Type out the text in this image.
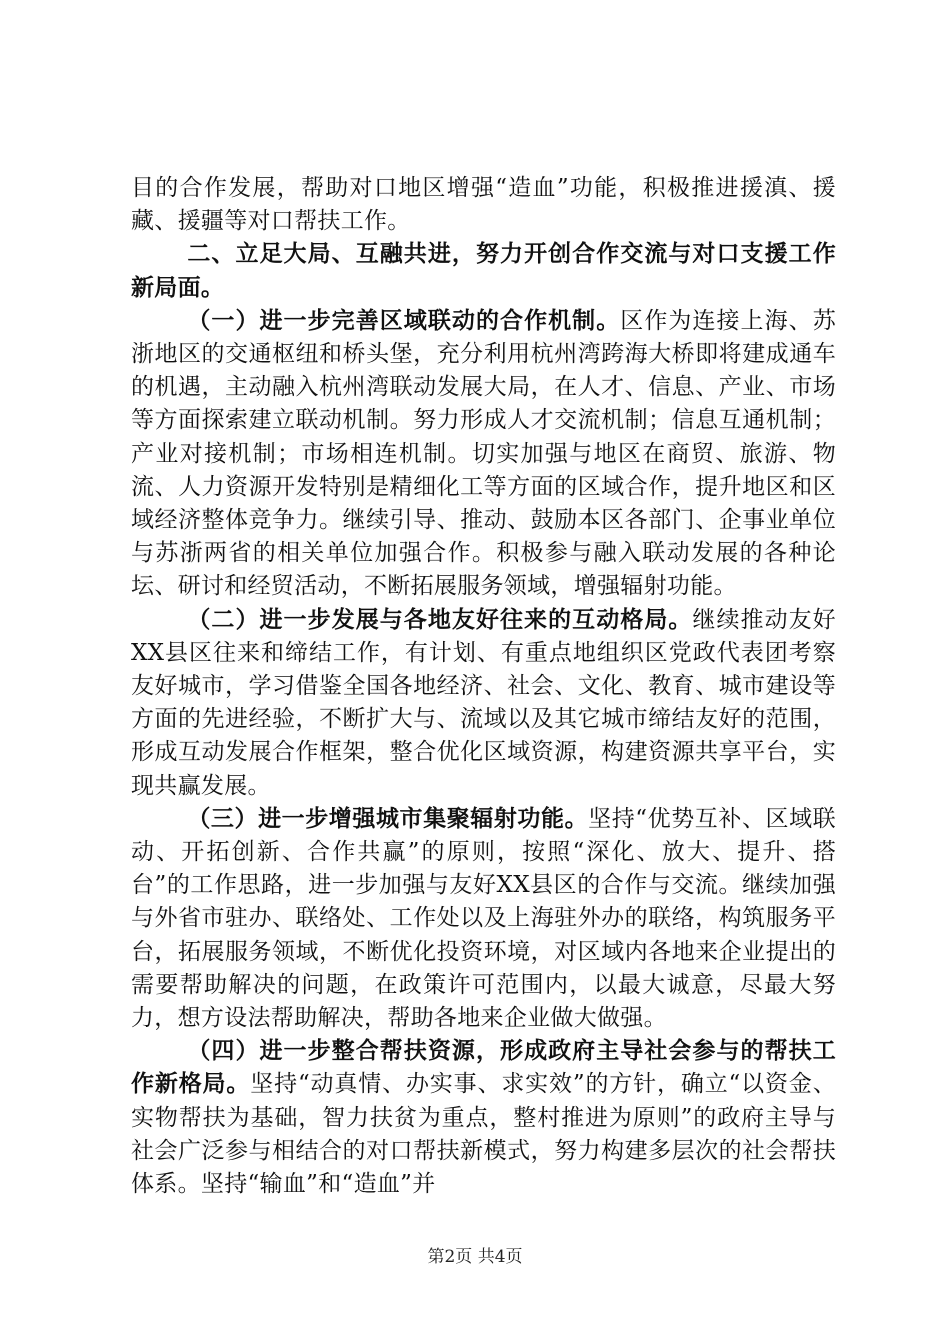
目的合作发展，帮助对口地区增强“造血”功能，积极推进援滇、援藏、援疆等对口帮扶工作。

二、立足大局、互融共进，努力开创合作交流与对口支援工作新局面。

（一）进一步完善区域联动的合作机制。区作为连接上海、苏浙地区的交通枢纽和桥头堡，充分利用杭州湾跨海大桥即将建成通车的机遇，主动融入杭州湾联动发展大局，在人才、信息、产业、市场等方面探索建立联动机制。努力形成人才交流机制；信息互通机制；产业对接机制；市场相连机制。切实加强与地区在商贸、旅游、物流、人力资源开发特别是精细化工等方面的区域合作，提升地区和区域经济整体竞争力。继续引导、推动、鼓励本区各部门、企事业单位与苏浙两省的相关单位加强合作。积极参与融入联动发展的各种论坛、研讨和经贸活动，不断拓展服务领域，增强辐射功能。

（二）进一步发展与各地友好往来的互动格局。继续推动友好XX县区往来和缔结工作，有计划、有重点地组织区党政代表团考察友好城市，学习借鉴全国各地经济、社会、文化、教育、城市建设等方面的先进经验，不断扩大与、流域以及其它城市缔结友好的范围，形成互动发展合作框架，整合优化区域资源，构建资源共享平台，实现共赢发展。

（三）进一步增强城市集聚辐射功能。坚持“优势互补、区域联动、开拓创新、合作共赢”的原则，按照“深化、放大、提升、搭台”的工作思路，进一步加强与友好XX县区的合作与交流。继续加强与外省市驻办、联络处、工作处以及上海驻外办的联络，构筑服务平台，拓展服务领域，不断优化投资环境，对区域内各地来企业提出的需要帮助解决的问题，在政策许可范围内，以最大诚意，尽最大努力，想方设法帮助解决，帮助各地来企业做大做强。

（四）进一步整合帮扶资源，形成政府主导社会参与的帮扶工作新格局。坚持“动真情、办实事、求实效”的方针，确立“以资金、实物帮扶为基础，智力扶贫为重点，整村推进为原则”的政府主导与社会广泛参与相结合的对口帮扶新模式，努力构建多层次的社会帮扶体系。坚持“输血”和“造血”并

第2页 共4页
